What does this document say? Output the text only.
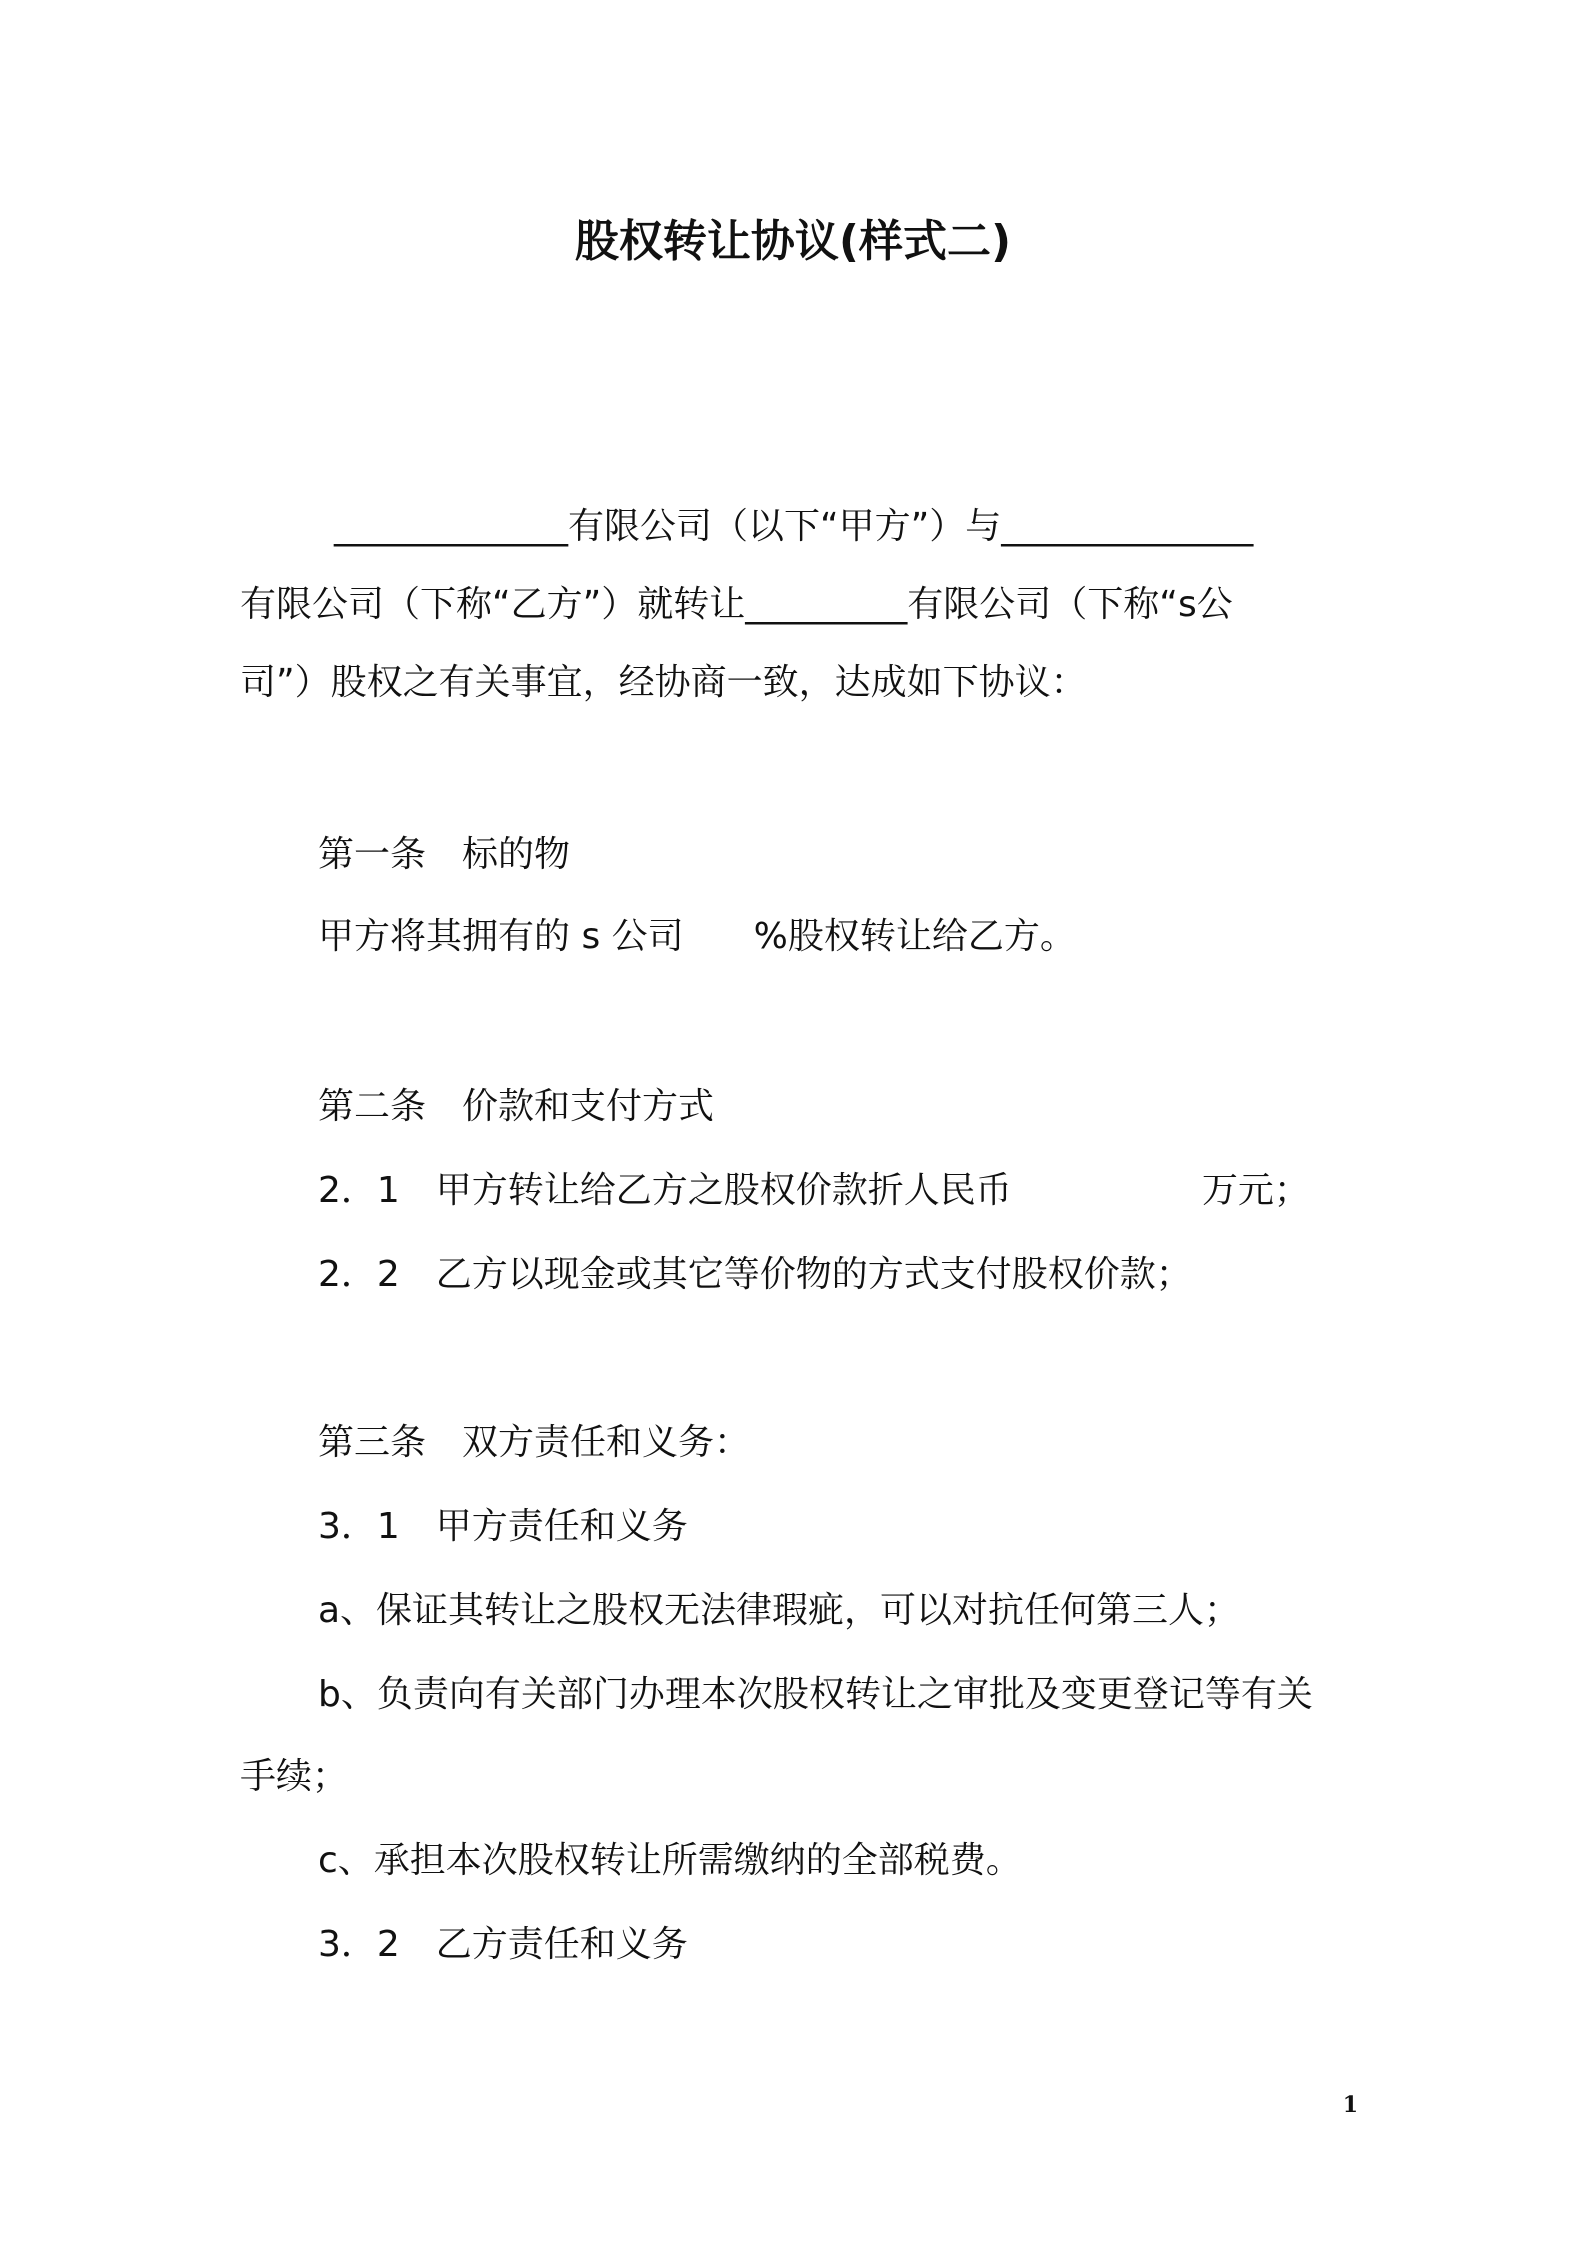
股权转让协议(样式二)
_____________有限公司（以下“甲方”）与______________
有限公司（下称“乙方”）就转让_________有限公司（下称“s公
司”）股权之有关事宜，经协商一致，达成如下协议：
第一条　标的物
甲方将其拥有的 s 公司 %股权转让给乙方。
第二条　价款和支付方式
2．1　甲方转让给乙方之股权价款折人民币	万元；
2．2　乙方以现金或其它等价物的方式支付股权价款；
第三条　双方责任和义务：
3．1　甲方责任和义务
a、保证其转让之股权无法律瑕疵，可以对抗任何第三人；
b、负责向有关部门办理本次股权转让之审批及变更登记等有关
手续；
c、承担本次股权转让所需缴纳的全部税费。
3．2　乙方责任和义务
1
